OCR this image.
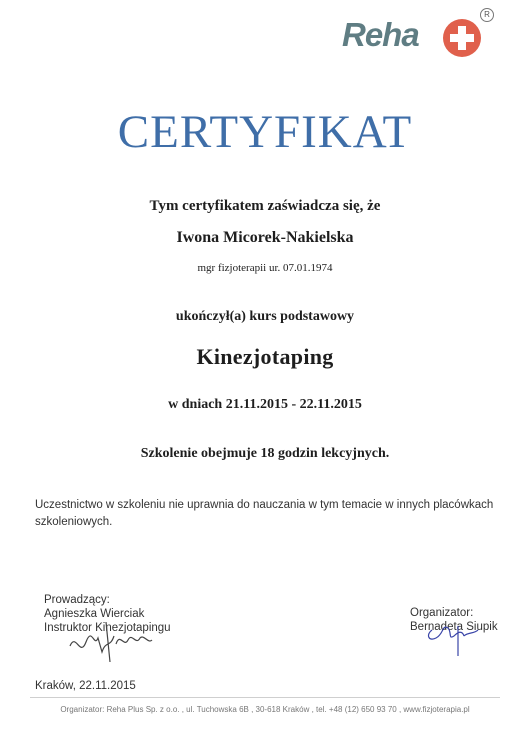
Reha
R
CERTYFIKAT
Tym certyfikatem zaświadcza się, że
Iwona Micorek-Nakielska
mgr fizjoterapii ur. 07.01.1974
ukończył(a) kurs podstawowy
Kinezjotaping
w dniach 21.11.2015 - 22.11.2015
Szkolenie obejmuje 18 godzin lekcyjnych.
Uczestnictwo w szkoleniu nie uprawnia do nauczania w tym temacie w innych placówkach szkoleniowych.
Prowadzący:
Agnieszka Wierciak
Instruktor Kinezjotapingu
Organizator:
Bernadeta Siupik
Kraków, 22.11.2015
Organizator: Reha Plus Sp. z o.o. , ul. Tuchowska 6B , 30-618 Kraków , tel. +48 (12) 650 93 70 , www.fizjoterapia.pl
